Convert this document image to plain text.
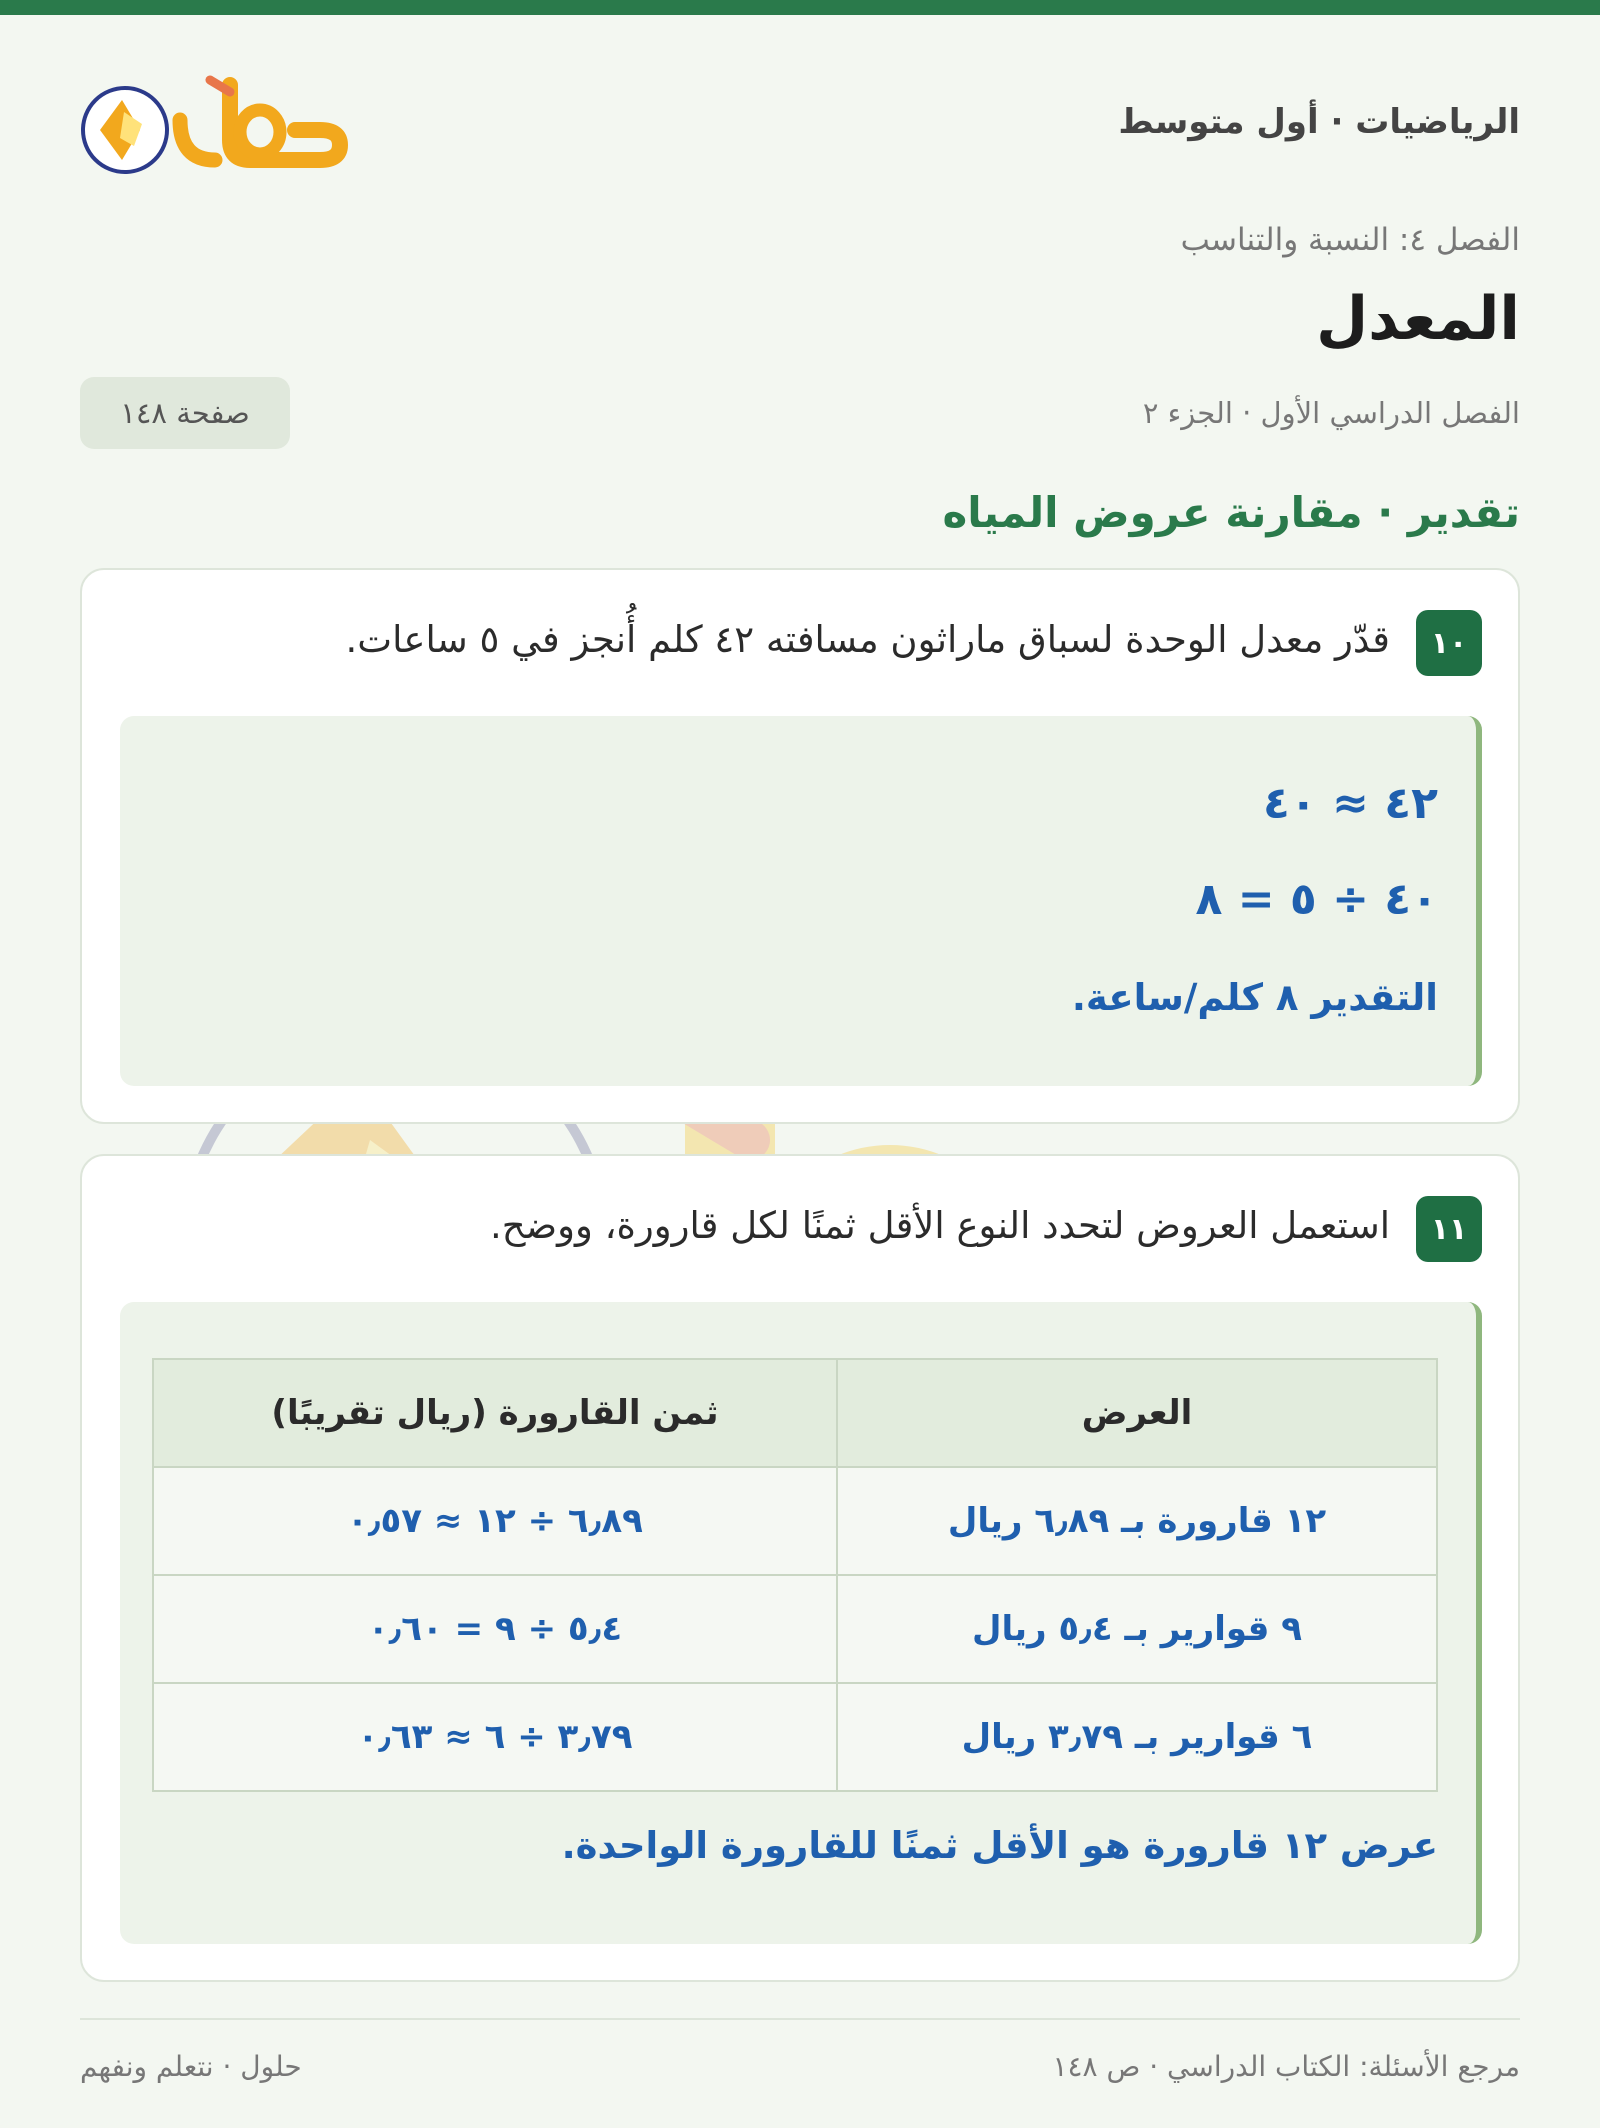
الرياضيات · أول متوسط
الفصل ٤: النسبة والتناسب
المعدل
الفصل الدراسي الأول · الجزء ٢
صفحة ١٤٨
تقدير · مقارنة عروض المياه
١٠
قدّر معدل الوحدة لسباق ماراثون مسافته ٤٢ كلم أُنجز في ٥ ساعات.
٤٢ ≈ ٤٠
٤٠ ÷ ٥ = ٨
التقدير ٨ كلم/ساعة.
١١
استعمل العروض لتحدد النوع الأقل ثمنًا لكل قارورة، ووضح.
العرض	ثمن القارورة (ريال تقريبًا)
١٢ قارورة بـ ٦٫٨٩ ريال	٦٫٨٩ ÷ ١٢ ≈ ٠٫٥٧
٩ قوارير بـ ٥٫٤ ريال	٥٫٤ ÷ ٩ = ٠٫٦٠
٦ قوارير بـ ٣٫٧٩ ريال	٣٫٧٩ ÷ ٦ ≈ ٠٫٦٣
عرض ١٢ قارورة هو الأقل ثمنًا للقارورة الواحدة.
مرجع الأسئلة: الكتاب الدراسي · ص ١٤٨
حلول · نتعلم ونفهم
